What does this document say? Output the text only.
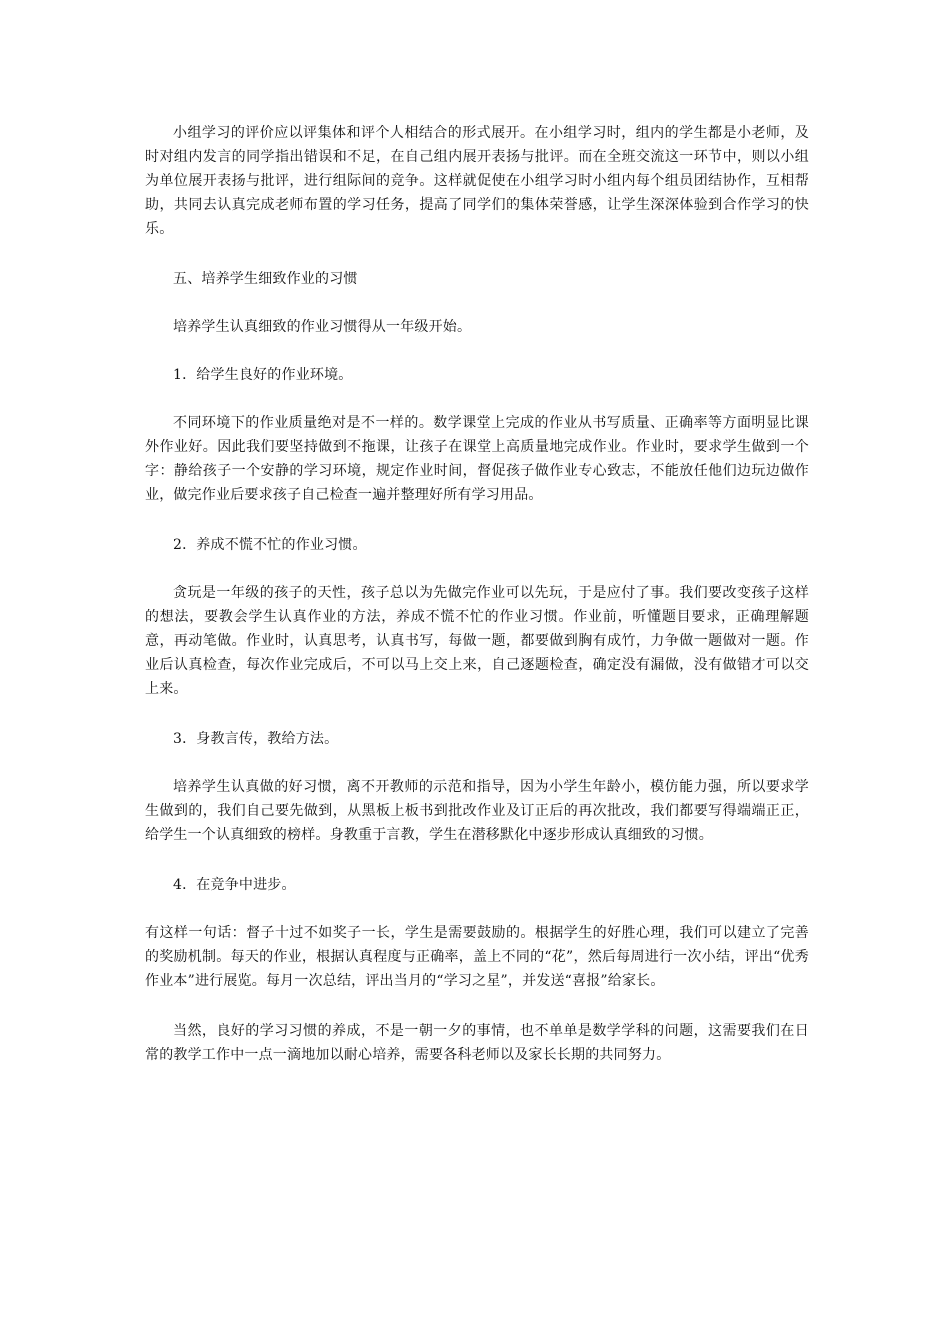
小组学习的评价应以评集体和评个人相结合的形式展开。在小组学习时，组内的学生都是小老师，及时对组内发言的同学指出错误和不足，在自己组内展开表扬与批评。而在全班交流这一环节中，则以小组为单位展开表扬与批评，进行组际间的竞争。这样就促使在小组学习时小组内每个组员团结协作，互相帮助，共同去认真完成老师布置的学习任务，提高了同学们的集体荣誉感，让学生深深体验到合作学习的快乐。

五、培养学生细致作业的习惯

培养学生认真细致的作业习惯得从一年级开始。

1．给学生良好的作业环境。

不同环境下的作业质量绝对是不一样的。数学课堂上完成的作业从书写质量、正确率等方面明显比课外作业好。因此我们要坚持做到不拖课，让孩子在课堂上高质量地完成作业。作业时，要求学生做到一个字：静给孩子一个安静的学习环境，规定作业时间，督促孩子做作业专心致志，不能放任他们边玩边做作业，做完作业后要求孩子自己检查一遍并整理好所有学习用品。

2．养成不慌不忙的作业习惯。

贪玩是一年级的孩子的天性，孩子总以为先做完作业可以先玩，于是应付了事。我们要改变孩子这样的想法，要教会学生认真作业的方法，养成不慌不忙的作业习惯。作业前，听懂题目要求，正确理解题意，再动笔做。作业时，认真思考，认真书写，每做一题，都要做到胸有成竹，力争做一题做对一题。作业后认真检查，每次作业完成后，不可以马上交上来，自己逐题检查，确定没有漏做，没有做错才可以交上来。

3．身教言传，教给方法。

培养学生认真做的好习惯，离不开教师的示范和指导，因为小学生年龄小，模仿能力强，所以要求学生做到的，我们自己要先做到，从黑板上板书到批改作业及订正后的再次批改，我们都要写得端端正正，给学生一个认真细致的榜样。身教重于言教，学生在潜移默化中逐步形成认真细致的习惯。

4．在竞争中进步。

有这样一句话：督子十过不如奖子一长，学生是需要鼓励的。根据学生的好胜心理，我们可以建立了完善的奖励机制。每天的作业，根据认真程度与正确率，盖上不同的“花”，然后每周进行一次小结，评出“优秀作业本”进行展览。每月一次总结，评出当月的“学习之星”，并发送“喜报”给家长。

当然，良好的学习习惯的养成，不是一朝一夕的事情，也不单单是数学学科的问题，这需要我们在日常的教学工作中一点一滴地加以耐心培养，需要各科老师以及家长长期的共同努力。
